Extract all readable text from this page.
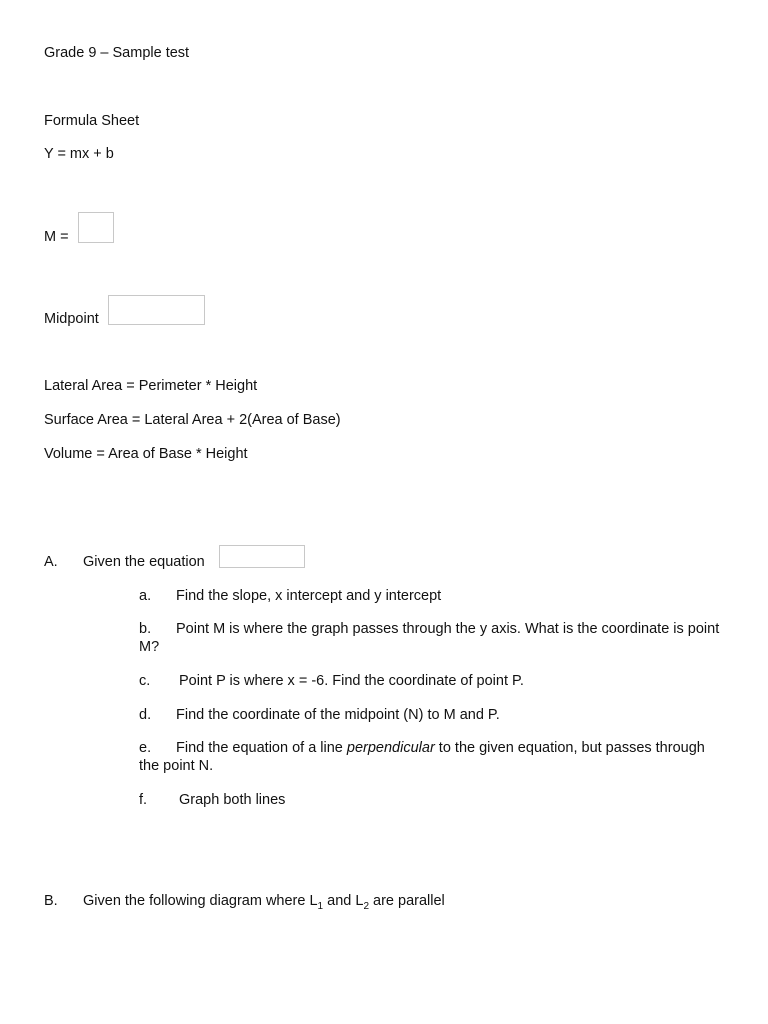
Grade 9 – Sample test
Formula Sheet
Y = mx + b
M =
Midpoint
Lateral Area = Perimeter * Height
Surface Area = Lateral Area + 2(Area of Base)
Volume = Area of Base * Height
A. Given the equation
a. Find the slope, x intercept and y intercept
b. Point M is where the graph passes through the y axis. What is the coordinate is point M?
c. Point P is where x = -6. Find the coordinate of point P.
d. Find the coordinate of the midpoint (N) to M and P.
e. Find the equation of a line perpendicular to the given equation, but passes through the point N.
f. Graph both lines
B. Given the following diagram where $L_1$ and $L_2$ are parallel
